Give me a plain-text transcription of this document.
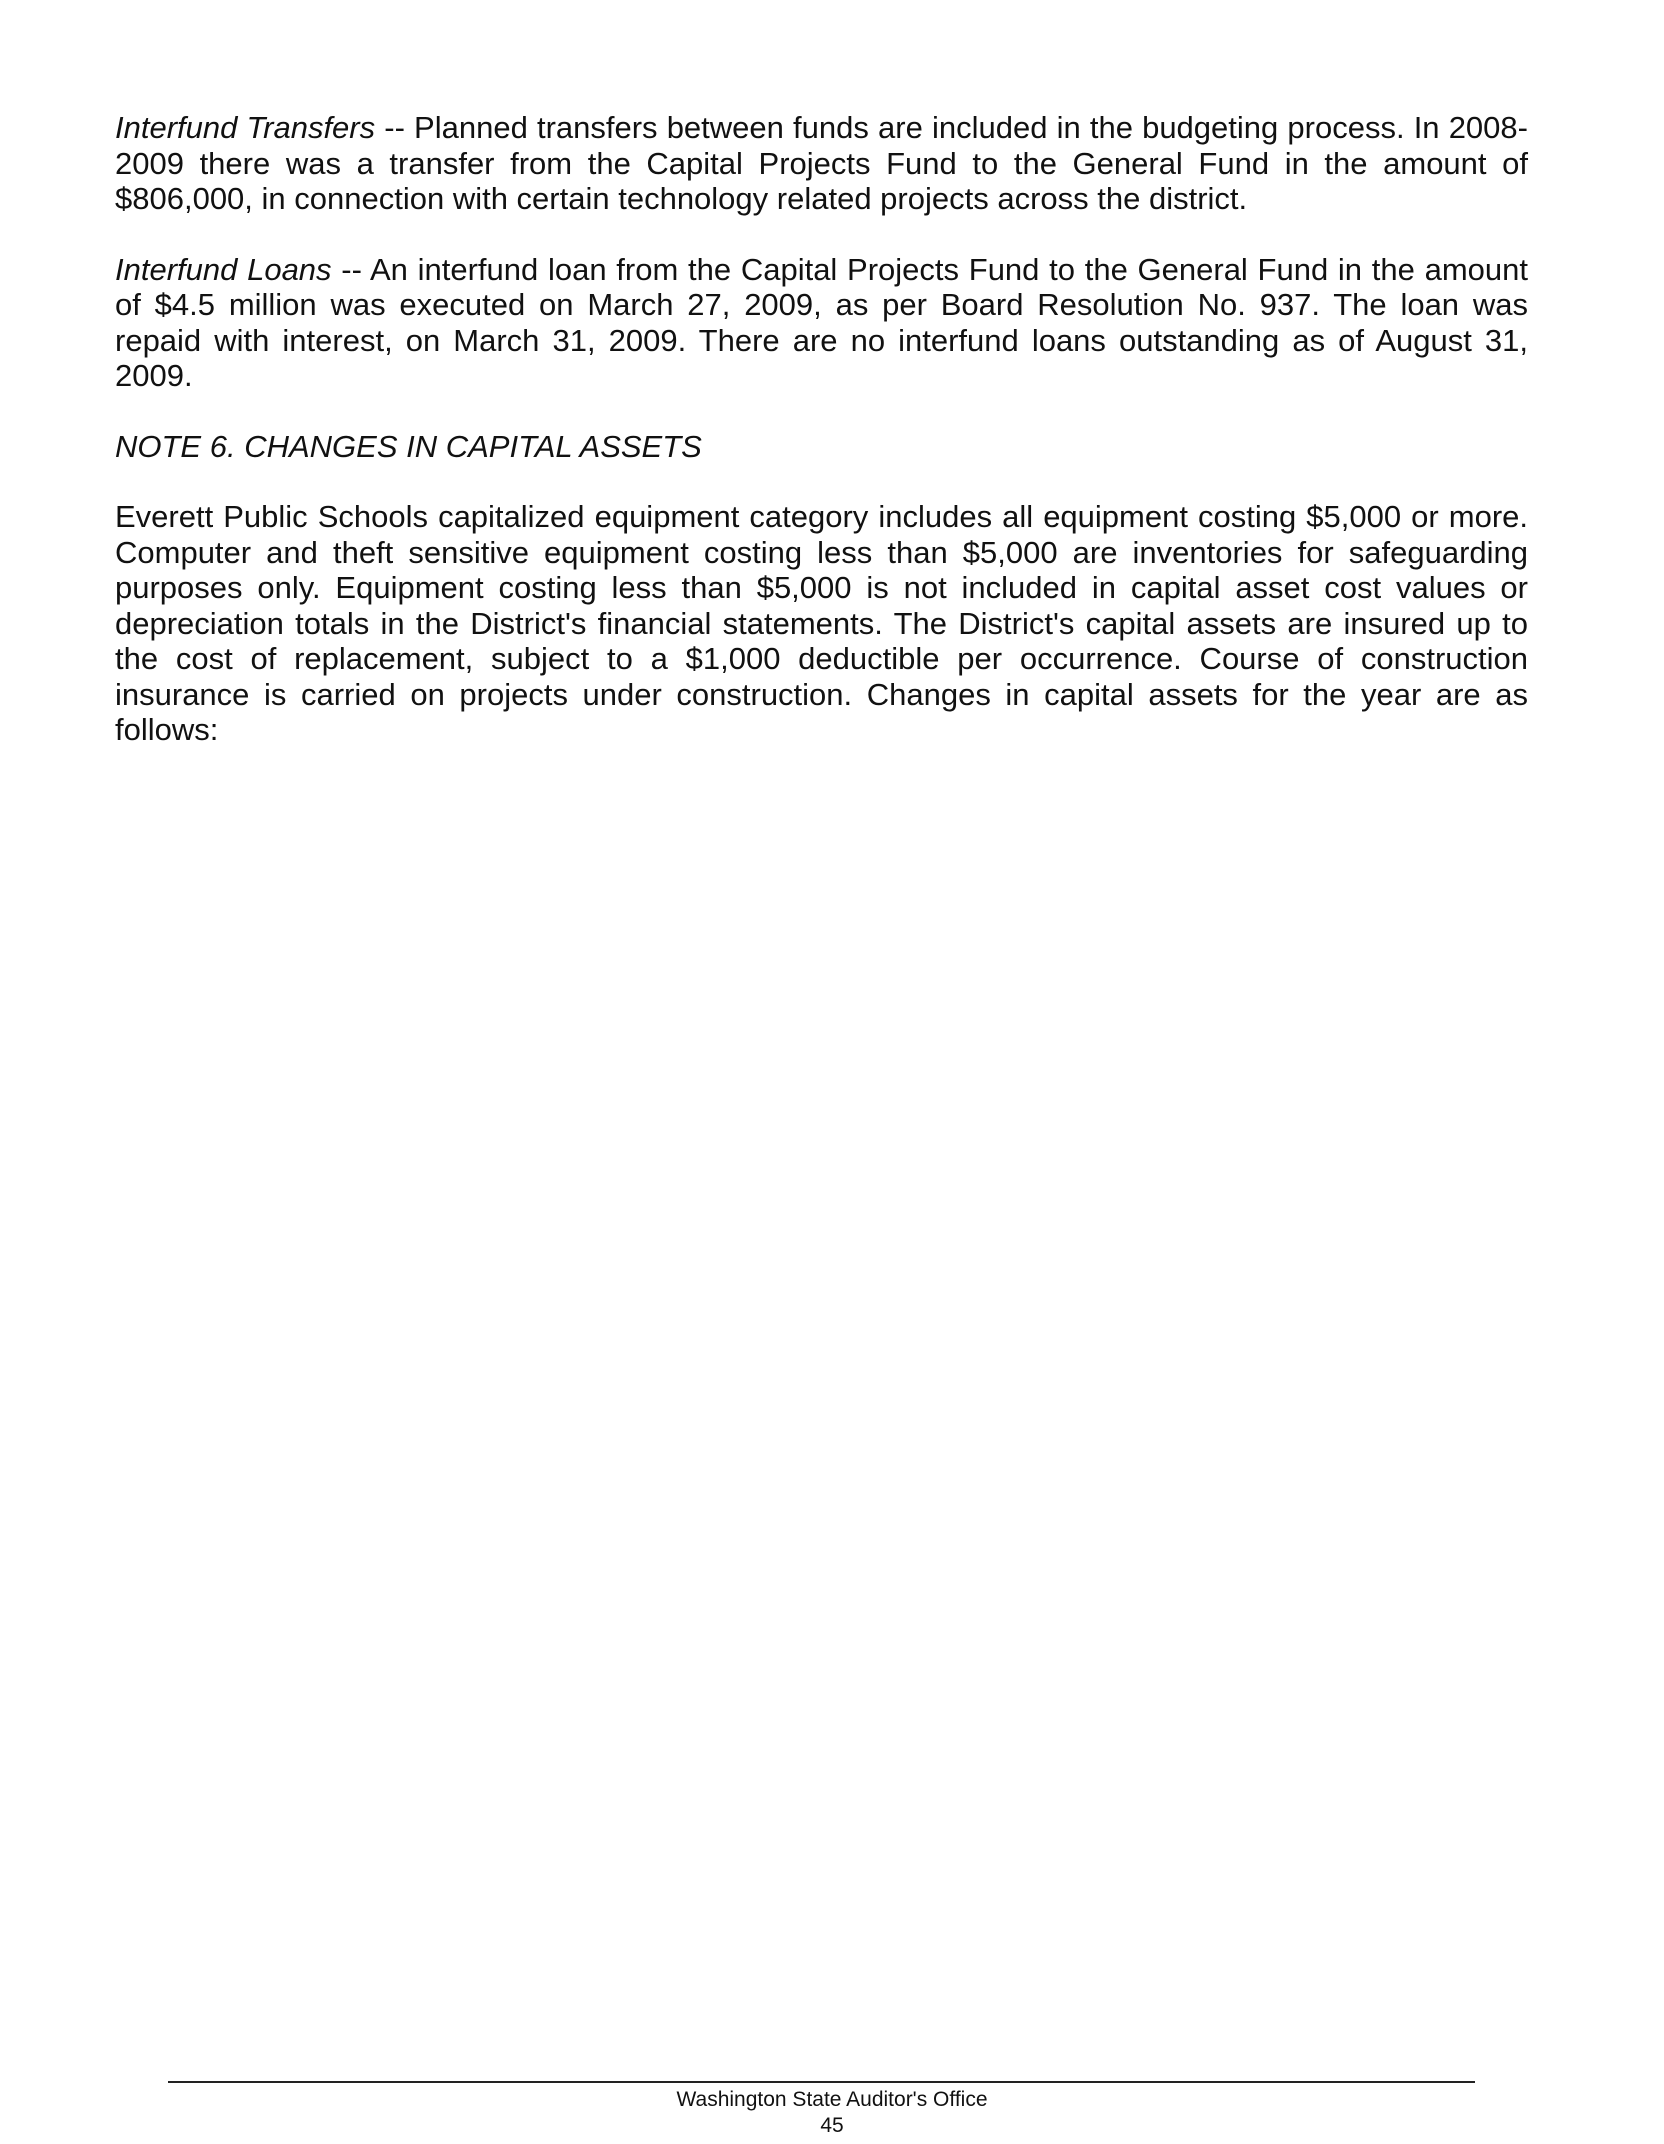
Interfund Transfers -- Planned transfers between funds are included in the budgeting process. In 2008-2009 there was a transfer from the Capital Projects Fund to the General Fund in the amount of $806,000, in connection with certain technology related projects across the district.

Interfund Loans -- An interfund loan from the Capital Projects Fund to the General Fund in the amount of $4.5 million was executed on March 27, 2009, as per Board Resolution No. 937. The loan was repaid with interest, on March 31, 2009. There are no interfund loans outstanding as of August 31, 2009.

NOTE 6. CHANGES IN CAPITAL ASSETS

Everett Public Schools capitalized equipment category includes all equipment costing $5,000 or more. Computer and theft sensitive equipment costing less than $5,000 are inventories for safeguarding purposes only. Equipment costing less than $5,000 is not included in capital asset cost values or depreciation totals in the District's financial statements. The District's capital assets are insured up to the cost of replacement, subject to a $1,000 deductible per occurrence. Course of construction insurance is carried on projects under construction. Changes in capital assets for the year are as follows:

Washington State Auditor's Office
45
